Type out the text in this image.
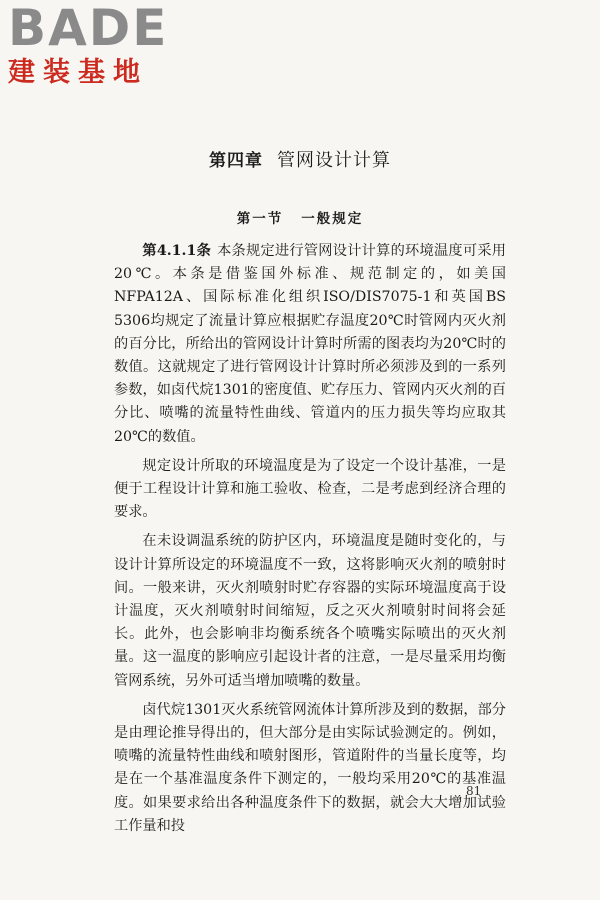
BADE
建装基地
第四章 管网设计计算
第一节 一般规定

第4.1.1条 本条规定进行管网设计计算的环境温度可采用20℃。本条是借鉴国外标准、规范制定的，如美国NFPA12A、国际标准化组织ISO/DIS7075-1和英国BS 5306均规定了流量计算应根据贮存温度20℃时管网内灭火剂的百分比，所给出的管网设计计算时所需的图表均为20℃时的数值。这就规定了进行管网设计计算时所必须涉及到的一系列参数，如卤代烷1301的密度值、贮存压力、管网内灭火剂的百分比、喷嘴的流量特性曲线、管道内的压力损失等均应取其20℃的数值。

规定设计所取的环境温度是为了设定一个设计基准，一是便于工程设计计算和施工验收、检查，二是考虑到经济合理的要求。

在未设调温系统的防护区内，环境温度是随时变化的，与设计计算所设定的环境温度不一致，这将影响灭火剂的喷射时间。一般来讲，灭火剂喷射时贮存容器的实际环境温度高于设计温度，灭火剂喷射时间缩短，反之灭火剂喷射时间将会延长。此外，也会影响非均衡系统各个喷嘴实际喷出的灭火剂量。这一温度的影响应引起设计者的注意，一是尽量采用均衡管网系统，另外可适当增加喷嘴的数量。

卤代烷1301灭火系统管网流体计算所涉及到的数据，部分是由理论推导得出的，但大部分是由实际试验测定的。例如，喷嘴的流量特性曲线和喷射图形，管道附件的当量长度等，均是在一个基准温度条件下测定的，一般均采用20℃的基准温度。如果要求给出各种温度条件下的数据，就会大大增加试验工作量和投

81
